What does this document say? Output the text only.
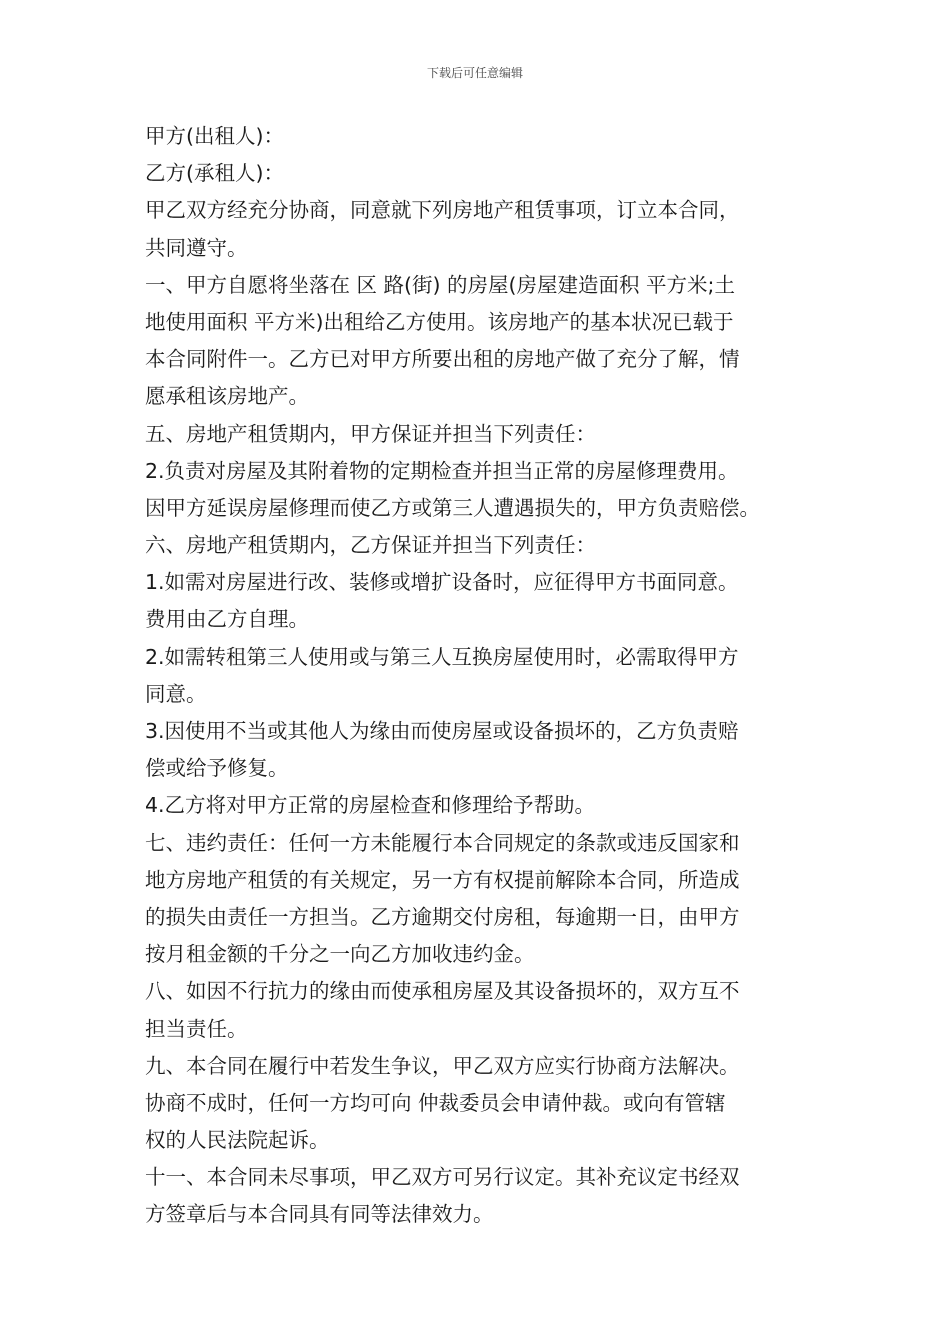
下载后可任意编辑
甲方(出租人)：
乙方(承租人)：
甲乙双方经充分协商，同意就下列房地产租赁事项，订立本合同，
共同遵守。
一、甲方自愿将坐落在 区 路(街) 的房屋(房屋建造面积 平方米;土
地使用面积 平方米)出租给乙方使用。该房地产的基本状况已载于
本合同附件一。乙方已对甲方所要出租的房地产做了充分了解，情
愿承租该房地产。
五、房地产租赁期内，甲方保证并担当下列责任：
2.负责对房屋及其附着物的定期检查并担当正常的房屋修理费用。
因甲方延误房屋修理而使乙方或第三人遭遇损失的，甲方负责赔偿。
六、房地产租赁期内，乙方保证并担当下列责任：
1.如需对房屋进行改、装修或增扩设备时，应征得甲方书面同意。
费用由乙方自理。
2.如需转租第三人使用或与第三人互换房屋使用时，必需取得甲方
同意。
3.因使用不当或其他人为缘由而使房屋或设备损坏的，乙方负责赔
偿或给予修复。
4.乙方将对甲方正常的房屋检查和修理给予帮助。
七、违约责任：任何一方未能履行本合同规定的条款或违反国家和
地方房地产租赁的有关规定，另一方有权提前解除本合同，所造成
的损失由责任一方担当。乙方逾期交付房租，每逾期一日，由甲方
按月租金额的千分之一向乙方加收违约金。
八、如因不行抗力的缘由而使承租房屋及其设备损坏的，双方互不
担当责任。
九、本合同在履行中若发生争议，甲乙双方应实行协商方法解决。
协商不成时，任何一方均可向 仲裁委员会申请仲裁。或向有管辖
权的人民法院起诉。
十一、本合同未尽事项，甲乙双方可另行议定。其补充议定书经双
方签章后与本合同具有同等法律效力。
